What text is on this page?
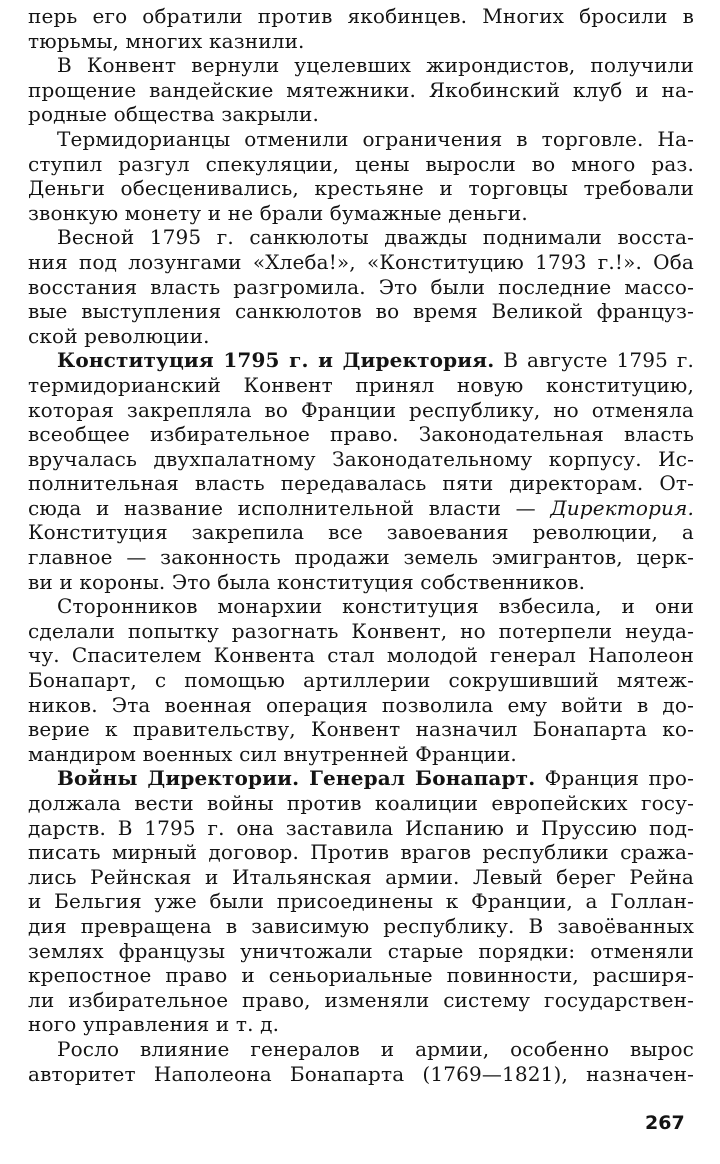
перь его обратили против якобинцев. Многих бросили в
тюрьмы, многих казнили.
В Конвент вернули уцелевших жирондистов, получили
прощение вандейские мятежники. Якобинский клуб и на-
родные общества закрыли.
Термидорианцы отменили ограничения в торговле. На-
ступил разгул спекуляции, цены выросли во много раз.
Деньги обесценивались, крестьяне и торговцы требовали
звонкую монету и не брали бумажные деньги.
Весной 1795 г. санкюлоты дважды поднимали восста-
ния под лозунгами «Хлеба!», «Конституцию 1793 г.!». Оба
восстания власть разгромила. Это были последние массо-
вые выступления санкюлотов во время Великой француз-
ской революции.
Конституция 1795 г. и Директория. В августе 1795 г.
термидорианский Конвент принял новую конституцию,
которая закрепляла во Франции республику, но отменяла
всеобщее избирательное право. Законодательная власть
вручалась двухпалатному Законодательному корпусу. Ис-
полнительная власть передавалась пяти директорам. От-
сюда и название исполнительной власти — Директория.
Конституция закрепила все завоевания революции, а
главное — законность продажи земель эмигрантов, церк-
ви и короны. Это была конституция собственников.
Сторонников монархии конституция взбесила, и они
сделали попытку разогнать Конвент, но потерпели неуда-
чу. Спасителем Конвента стал молодой генерал Наполеон
Бонапарт, с помощью артиллерии сокрушивший мятеж-
ников. Эта военная операция позволила ему войти в до-
верие к правительству, Конвент назначил Бонапарта ко-
мандиром военных сил внутренней Франции.
Войны Директории. Генерал Бонапарт. Франция про-
должала вести войны против коалиции европейских госу-
дарств. В 1795 г. она заставила Испанию и Пруссию под-
писать мирный договор. Против врагов республики сража-
лись Рейнская и Итальянская армии. Левый берег Рейна
и Бельгия уже были присоединены к Франции, а Голлан-
дия превращена в зависимую республику. В завоёванных
землях французы уничтожали старые порядки: отменяли
крепостное право и сеньориальные повинности, расширя-
ли избирательное право, изменяли систему государствен-
ного управления и т. д.
Росло влияние генералов и армии, особенно вырос
авторитет Наполеона Бонапарта (1769—1821), назначен-
267
